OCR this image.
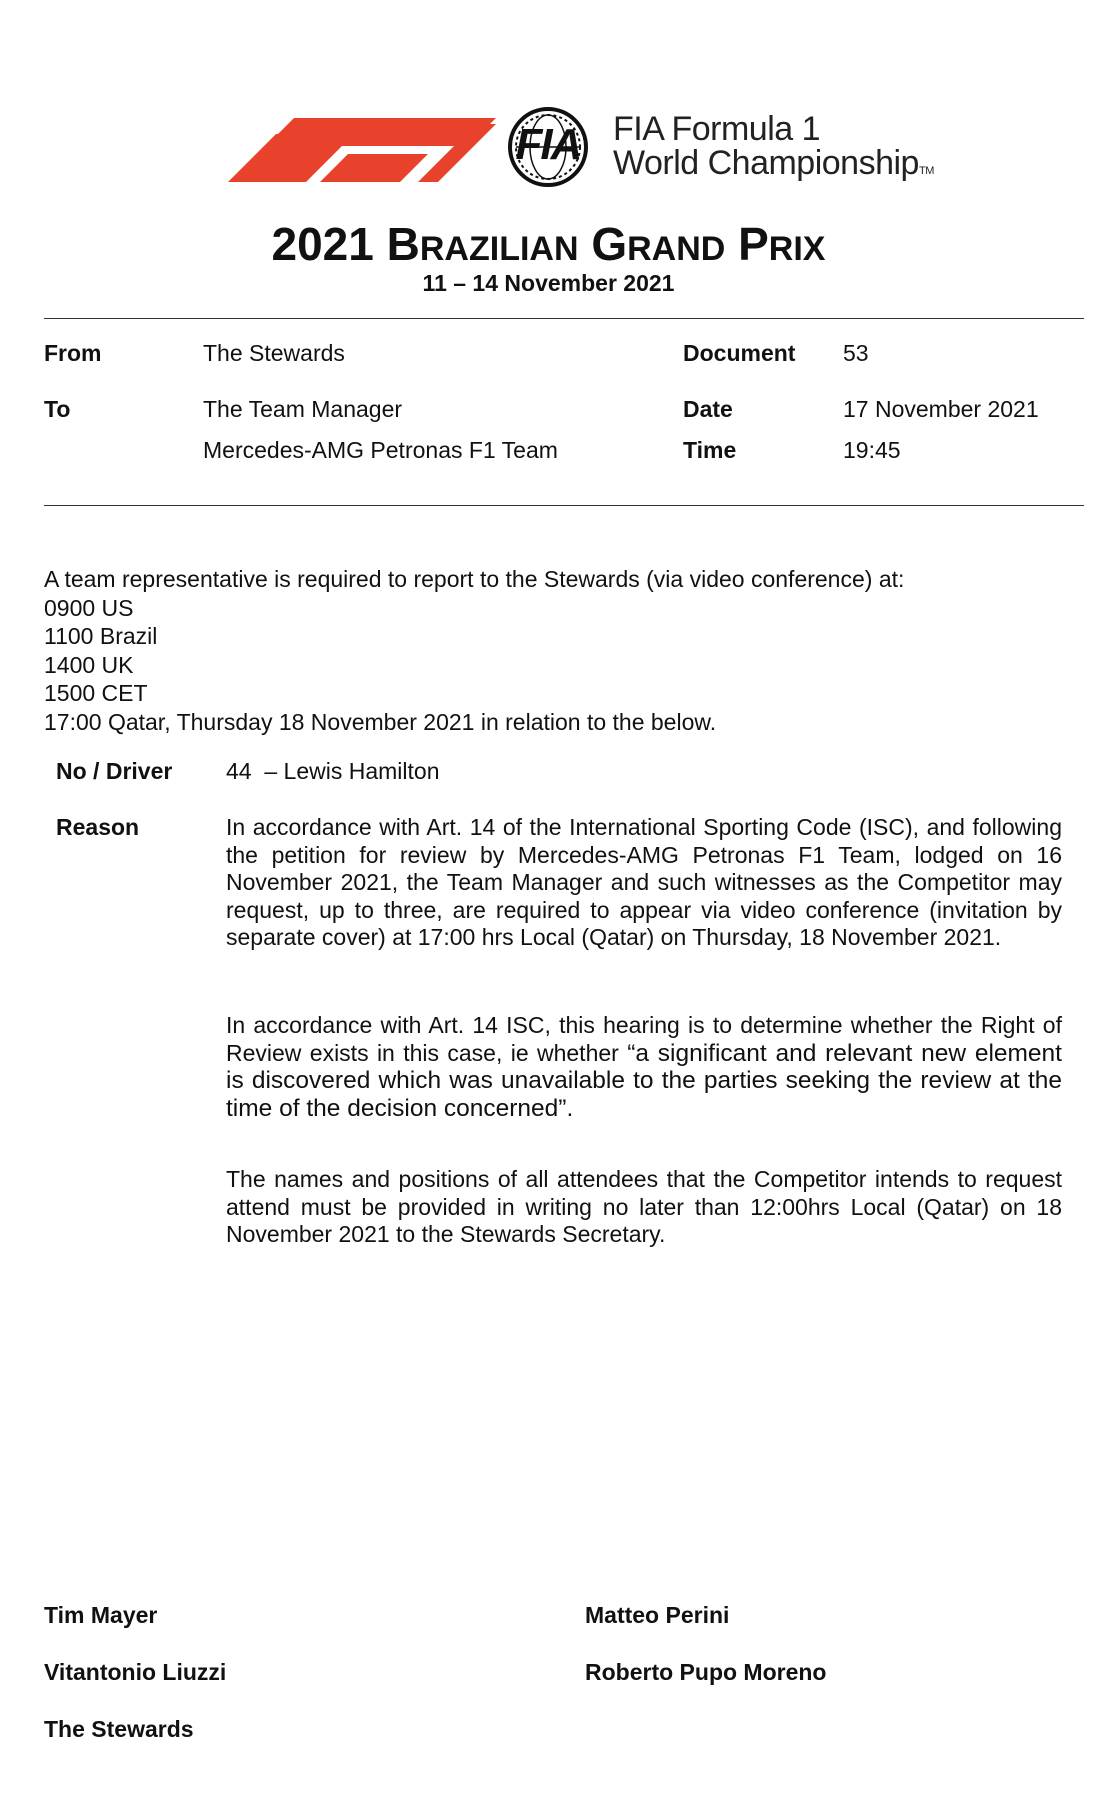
FIA FIA Formula 1
World ChampionshipTM
2021 BRAZILIAN GRAND PRIX
11 – 14 November 2021
From	The Stewards
To	The Team Manager
Mercedes-AMG Petronas F1 Team
Document 53
Date	17 November 2021
Time	19:45
A team representative is required to report to the Stewards (via video conference) at:
0900 US
1100 Brazil
1400 UK
1500 CET
17:00 Qatar, Thursday 18 November 2021 in relation to the below.
No / Driver 44  – Lewis Hamilton
Reason	In accordance with Art. 14 of the International Sporting Code (ISC), and following the petition for review by Mercedes-AMG Petronas F1 Team, lodged on 16 November 2021, the Team Manager and such witnesses as the Competitor may request, up to three, are required to appear via video conference (invitation by separate cover) at 17:00 hrs Local (Qatar) on Thursday, 18 November 2021.
In accordance with Art. 14 ISC, this hearing is to determine whether the Right of Review exists in this case, ie whether “a significant and relevant new element is discovered which was unavailable to the parties seeking the review at the time of the decision concerned”.
The names and positions of all attendees that the Competitor intends to request attend must be provided in writing no later than 12:00hrs Local (Qatar) on 18 November 2021 to the Stewards Secretary.
Tim Mayer	Matteo Perini
Vitantonio Liuzzi	Roberto Pupo Moreno
The Stewards
